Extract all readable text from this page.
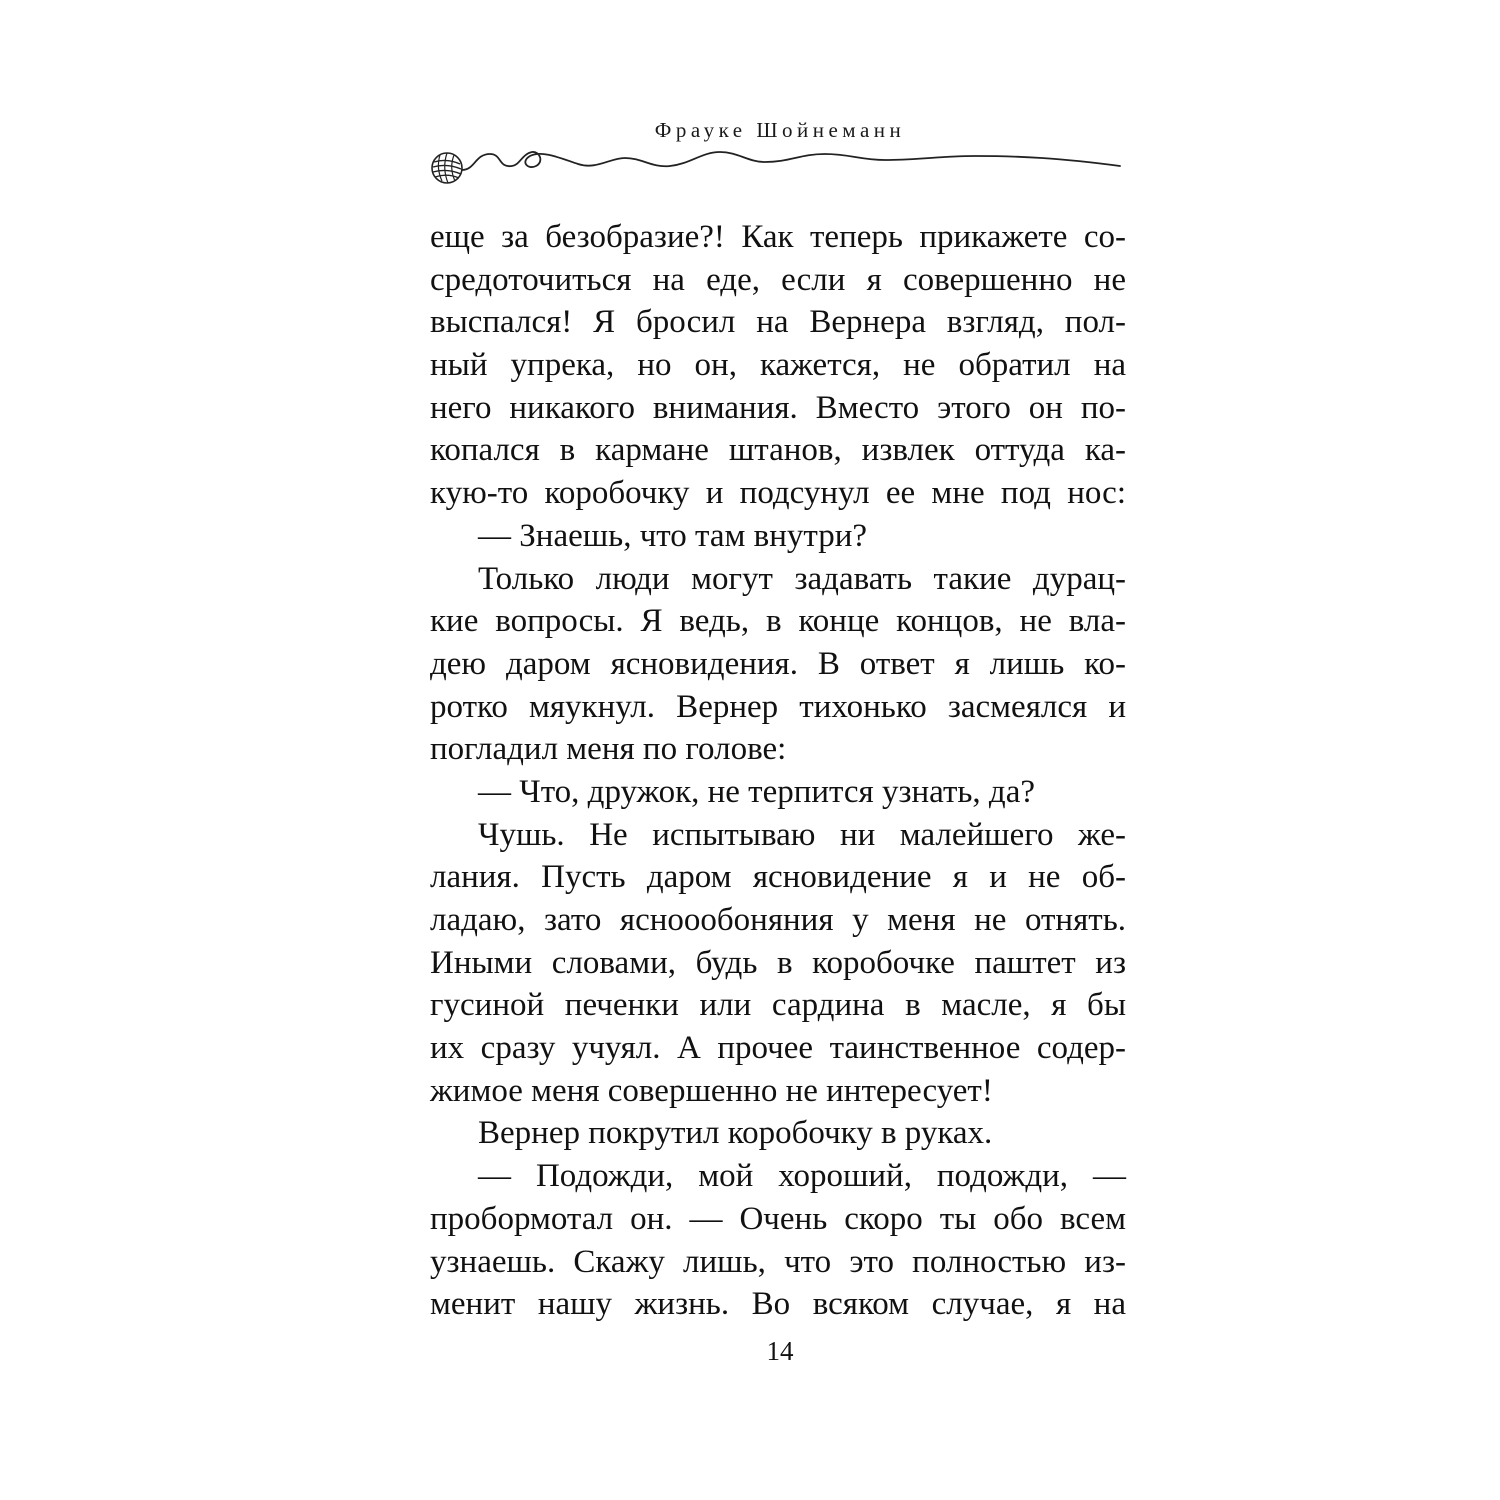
Фрауке Шойнеманн
еще за безобразие?! Как теперь прикажете со-
средоточиться на еде, если я совершенно не
выспался! Я бросил на Вернера взгляд, пол-
ный упрека, но он, кажется, не обратил на
него никакого внимания. Вместо этого он по-
копался в кармане штанов, извлек оттуда ка-
кую-то коробочку и подсунул ее мне под нос:
— Знаешь, что там внутри?
Только люди могут задавать такие дурац-
кие вопросы. Я ведь, в конце концов, не вла-
дею даром ясновидения. В ответ я лишь ко-
ротко мяукнул. Вернер тихонько засмеялся и
погладил меня по голове:
— Что, дружок, не терпится узнать, да?
Чушь. Не испытываю ни малейшего же-
лания. Пусть даром ясновидение я и не об-
ладаю, зато ясноообоняния у меня не отнять.
Иными словами, будь в коробочке паштет из
гусиной печенки или сардина в масле, я бы
их сразу учуял. А прочее таинственное содер-
жимое меня совершенно не интересует!
Вернер покрутил коробочку в руках.
— Подожди, мой хороший, подожди, —
пробормотал он. — Очень скоро ты обо всем
узнаешь. Скажу лишь, что это полностью из-
менит нашу жизнь. Во всяком случае, я на
14
